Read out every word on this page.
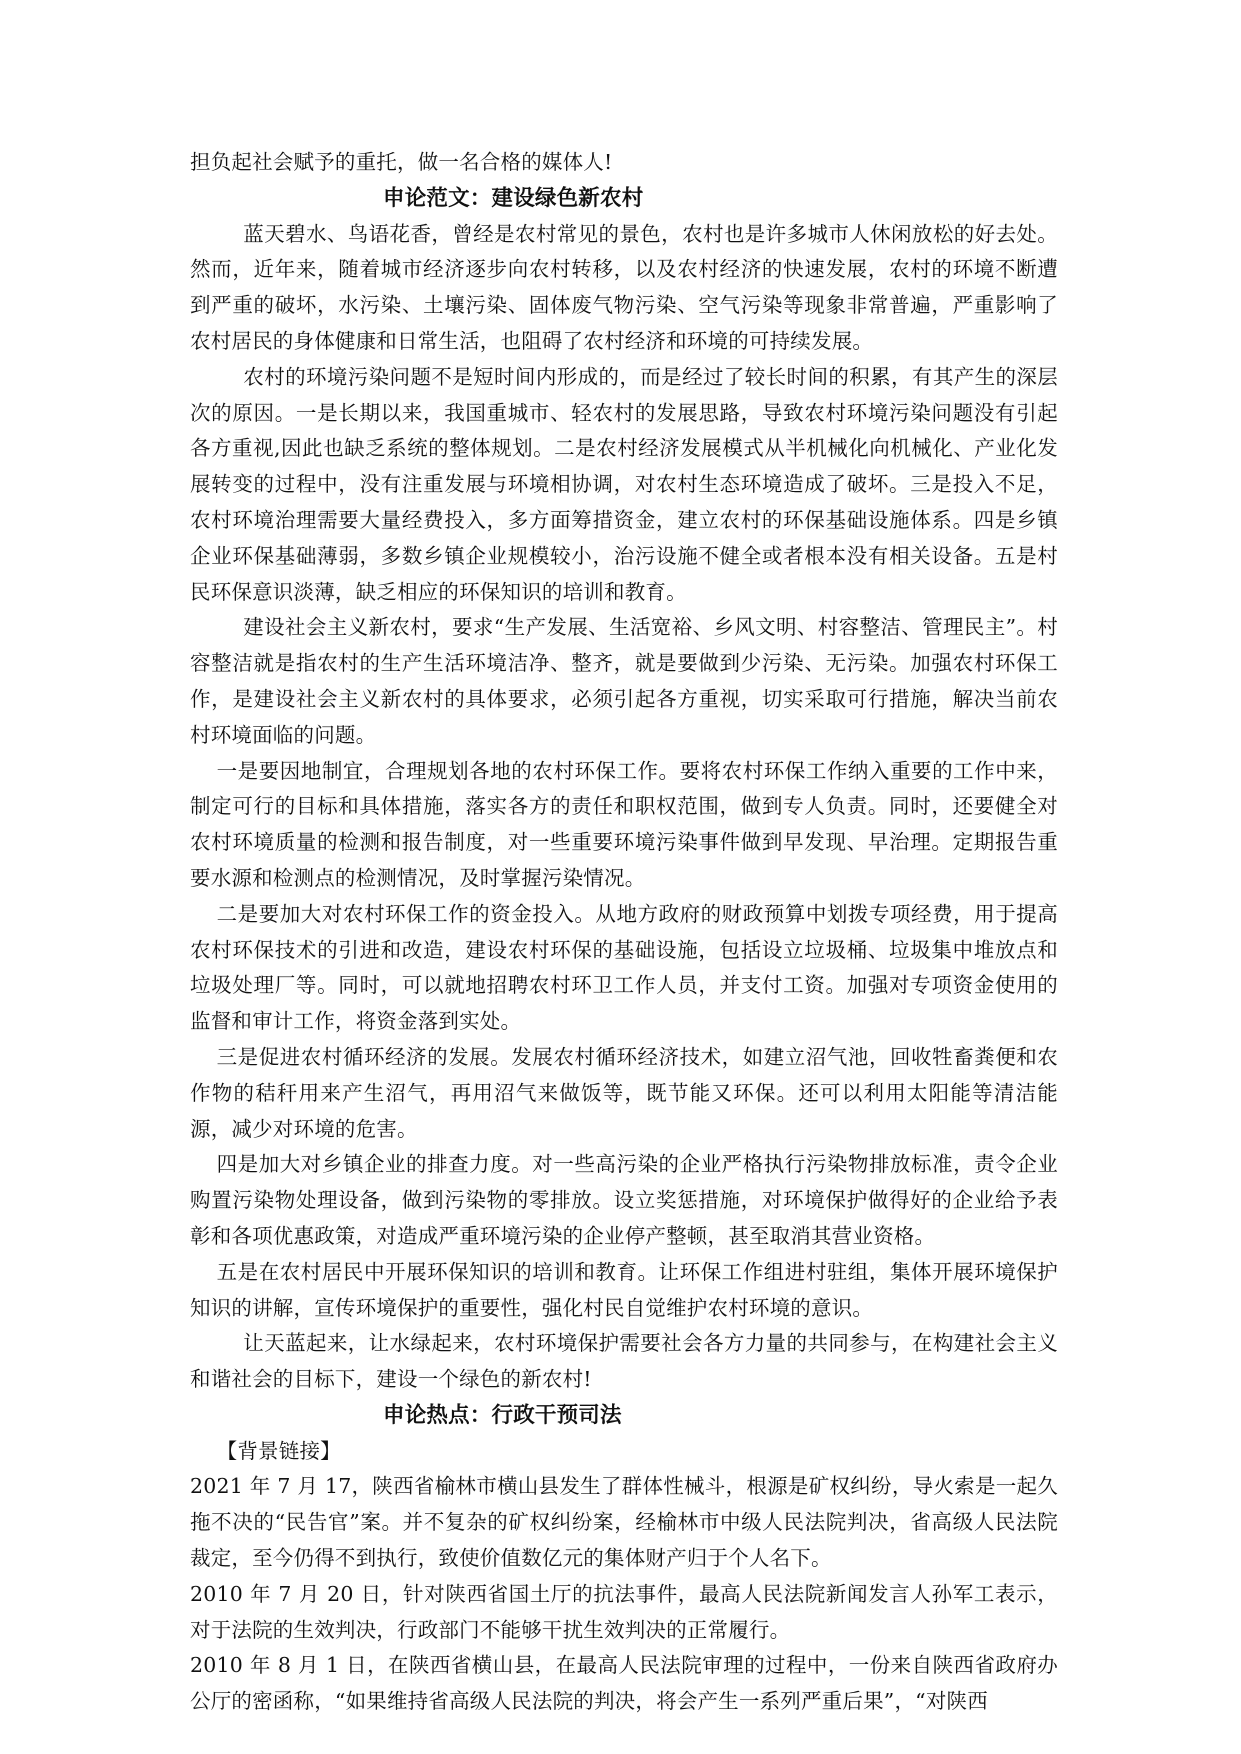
担负起社会赋予的重托，做一名合格的媒体人!

申论范文：建设绿色新农村

蓝天碧水、鸟语花香，曾经是农村常见的景色，农村也是许多城市人休闲放松的好去处。然而，近年来，随着城市经济逐步向农村转移，以及农村经济的快速发展，农村的环境不断遭到严重的破坏，水污染、土壤污染、固体废气物污染、空气污染等现象非常普遍，严重影响了农村居民的身体健康和日常生活，也阻碍了农村经济和环境的可持续发展。

农村的环境污染问题不是短时间内形成的，而是经过了较长时间的积累，有其产生的深层次的原因。一是长期以来，我国重城市、轻农村的发展思路，导致农村环境污染问题没有引起各方重视,因此也缺乏系统的整体规划。二是农村经济发展模式从半机械化向机械化、产业化发展转变的过程中，没有注重发展与环境相协调，对农村生态环境造成了破坏。三是投入不足，农村环境治理需要大量经费投入，多方面筹措资金，建立农村的环保基础设施体系。四是乡镇企业环保基础薄弱，多数乡镇企业规模较小，治污设施不健全或者根本没有相关设备。五是村民环保意识淡薄，缺乏相应的环保知识的培训和教育。

建设社会主义新农村，要求“生产发展、生活宽裕、乡风文明、村容整洁、管理民主”。村容整洁就是指农村的生产生活环境洁净、整齐，就是要做到少污染、无污染。加强农村环保工作，是建设社会主义新农村的具体要求，必须引起各方重视，切实采取可行措施，解决当前农村环境面临的问题。

一是要因地制宜，合理规划各地的农村环保工作。要将农村环保工作纳入重要的工作中来，制定可行的目标和具体措施，落实各方的责任和职权范围，做到专人负责。同时，还要健全对农村环境质量的检测和报告制度，对一些重要环境污染事件做到早发现、早治理。定期报告重要水源和检测点的检测情况，及时掌握污染情况。

二是要加大对农村环保工作的资金投入。从地方政府的财政预算中划拨专项经费，用于提高农村环保技术的引进和改造，建设农村环保的基础设施，包括设立垃圾桶、垃圾集中堆放点和垃圾处理厂等。同时，可以就地招聘农村环卫工作人员，并支付工资。加强对专项资金使用的监督和审计工作，将资金落到实处。

三是促进农村循环经济的发展。发展农村循环经济技术，如建立沼气池，回收牲畜粪便和农作物的秸秆用来产生沼气，再用沼气来做饭等，既节能又环保。还可以利用太阳能等清洁能源，减少对环境的危害。

四是加大对乡镇企业的排查力度。对一些高污染的企业严格执行污染物排放标准，责令企业购置污染物处理设备，做到污染物的零排放。设立奖惩措施，对环境保护做得好的企业给予表彰和各项优惠政策，对造成严重环境污染的企业停产整顿，甚至取消其营业资格。

五是在农村居民中开展环保知识的培训和教育。让环保工作组进村驻组，集体开展环境保护知识的讲解，宣传环境保护的重要性，强化村民自觉维护农村环境的意识。

让天蓝起来，让水绿起来，农村环境保护需要社会各方力量的共同参与，在构建社会主义和谐社会的目标下，建设一个绿色的新农村!

申论热点：行政干预司法

【背景链接】

2021 年 7 月 17，陕西省榆林市横山县发生了群体性械斗，根源是矿权纠纷，导火索是一起久拖不决的“民告官”案。并不复杂的矿权纠纷案，经榆林市中级人民法院判决，省高级人民法院裁定，至今仍得不到执行，致使价值数亿元的集体财产归于个人名下。

2010 年 7 月 20 日，针对陕西省国土厅的抗法事件，最高人民法院新闻发言人孙军工表示，对于法院的生效判决，行政部门不能够干扰生效判决的正常履行。

2010 年 8 月 1 日，在陕西省横山县，在最高人民法院审理的过程中，一份来自陕西省政府办公厅的密函称，“如果维持省高级人民法院的判决，将会产生一系列严重后果”，“对陕西
